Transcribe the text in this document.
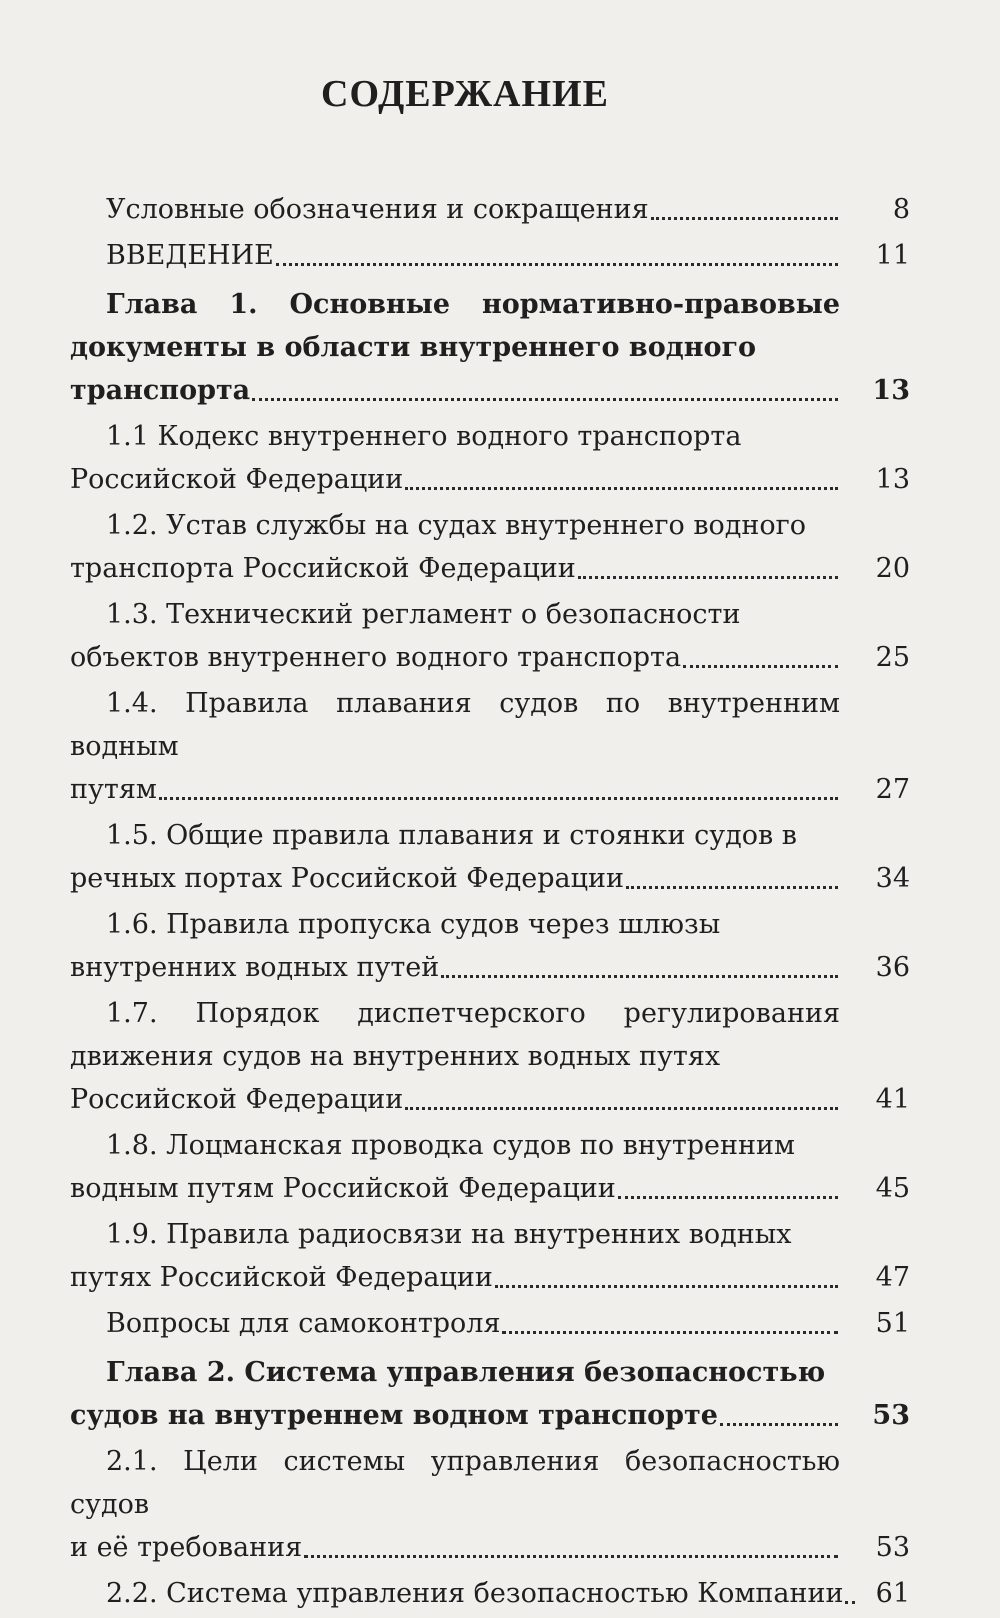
СОДЕРЖАНИЕ
Условные обозначения и сокращения	8
ВВЕДЕНИЕ	11
Глава 1. Основные нормативно-правовые документы в области внутреннего водного
транспорта	13
1.1 Кодекс внутреннего водного транспорта
Российской Федерации	13
1.2. Устав службы на судах внутреннего водного
транспорта Российской Федерации	20
1.3. Технический регламент о безопасности
объектов внутреннего водного транспорта	25
1.4. Правила плавания судов по внутренним водным
путям	27
1.5. Общие правила плавания и стоянки судов в
речных портах Российской Федерации	34
1.6. Правила пропуска судов через шлюзы
внутренних водных путей	36
1.7. Порядок диспетчерского регулирования движения судов на внутренних водных путях
Российской Федерации	41
1.8. Лоцманская проводка судов по внутренним
водным путям Российской Федерации	45
1.9. Правила радиосвязи на внутренних водных
путях Российской Федерации	47
Вопросы для самоконтроля	51
Глава 2. Система управления безопасностью
судов на внутреннем водном транспорте	53
2.1. Цели системы управления безопасностью судов
и её требования	53
2.2. Система управления безопасностью Компании	61
